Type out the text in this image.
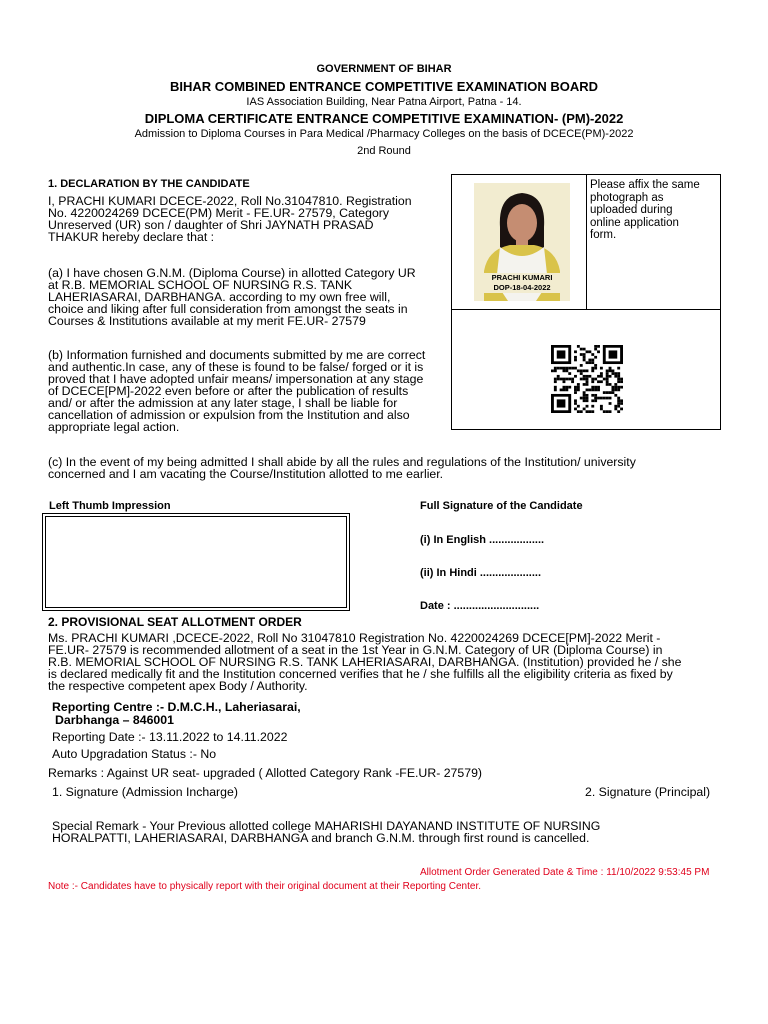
GOVERNMENT OF BIHAR
BIHAR COMBINED ENTRANCE COMPETITIVE EXAMINATION BOARD
IAS Association Building, Near Patna Airport, Patna - 14.
DIPLOMA CERTIFICATE ENTRANCE COMPETITIVE EXAMINATION- (PM)-2022
Admission to Diploma Courses in Para Medical /Pharmacy Colleges on the basis of DCECE(PM)-2022
2nd Round
1. DECLARATION BY THE CANDIDATE
I, PRACHI KUMARI DCECE-2022, Roll No.31047810. Registration
No. 4220024269 DCECE(PM) Merit - FE.UR- 27579, Category
Unreserved (UR) son / daughter of Shri JAYNATH PRASAD
THAKUR hereby declare that :
(a) I have chosen G.N.M. (Diploma Course) in allotted Category UR
at R.B. MEMORIAL SCHOOL OF NURSING R.S. TANK
LAHERIASARAI, DARBHANGA. according to my own free will,
choice and liking after full consideration from amongst the seats in
Courses & Institutions available at my merit FE.UR- 27579
(b) Information furnished and documents submitted by me are correct
and authentic.In case, any of these is found to be false/ forged or it is
proved that I have adopted unfair means/ impersonation at any stage
of DCECE[PM]-2022 even before or after the publication of results
and/ or after the admission at any later stage, I shall be liable for
cancellation of admission or expulsion from the Institution and also
appropriate legal action.
(c) In the event of my being admitted I shall abide by all the rules and regulations of the Institution/ university
concerned and I am vacating the Course/Institution allotted to me earlier.
PRACHI KUMARI
DOP-18-04-2022
Please affix the same
photograph as
uploaded during
online application
form.
Left Thumb Impression	Full Signature of the Candidate
(i) In English ..................
(ii) In Hindi ....................
Date : ............................
2. PROVISIONAL SEAT ALLOTMENT ORDER
Ms. PRACHI KUMARI ,DCECE-2022, Roll No 31047810 Registration No. 4220024269 DCECE[PM]-2022 Merit -
FE.UR- 27579 is recommended allotment of a seat in the 1st Year in G.N.M. Category of UR (Diploma Course) in
R.B. MEMORIAL SCHOOL OF NURSING R.S. TANK LAHERIASARAI, DARBHANGA. (Institution) provided he / she
is declared medically fit and the Institution concerned verifies that he / she fulfills all the eligibility criteria as fixed by
the respective competent apex Body / Authority.
Reporting Centre :- D.M.C.H., Laheriasarai,
Darbhanga – 846001
Reporting Date :- 13.11.2022 to 14.11.2022
Auto Upgradation Status :- No
Remarks : Against UR seat- upgraded ( Allotted Category Rank -FE.UR- 27579)
1. Signature (Admission Incharge)	2. Signature (Principal)
Special Remark - Your Previous allotted college MAHARISHI DAYANAND INSTITUTE OF NURSING
HORALPATTI, LAHERIASARAI, DARBHANGA and branch G.N.M. through first round is cancelled.
Allotment Order Generated Date & Time : 11/10/2022 9:53:45 PM
Note :- Candidates have to physically report with their original document at their Reporting Center.
